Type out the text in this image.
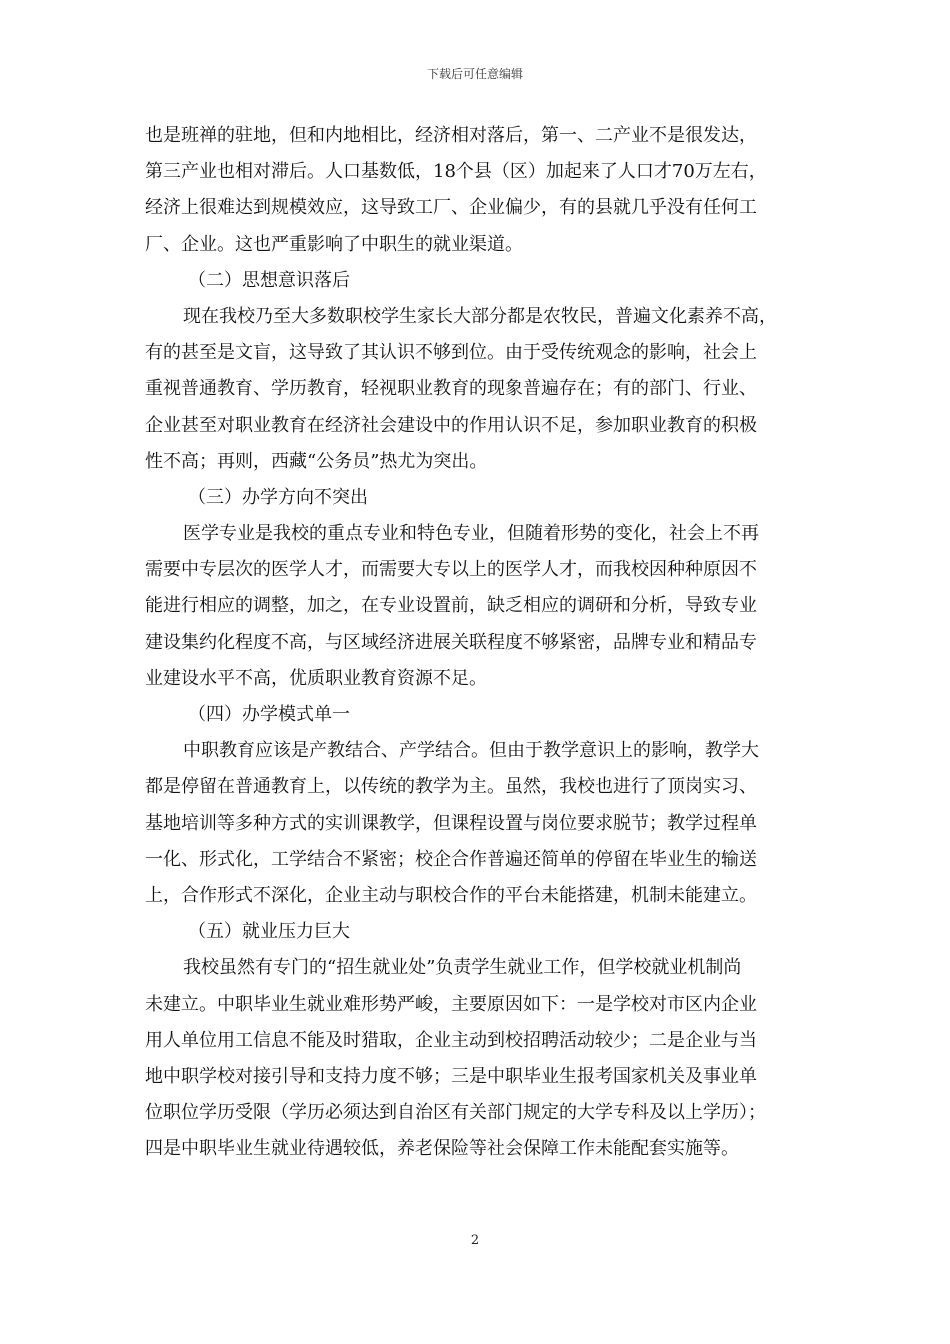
下载后可任意编辑
也是班禅的驻地，但和内地相比，经济相对落后，第一、二产业不是很发达，
第三产业也相对滞后。人口基数低，18个县（区）加起来了人口才70万左右，
经济上很难达到规模效应，这导致工厂、企业偏少，有的县就几乎没有任何工
厂、企业。这也严重影响了中职生的就业渠道。
（二）思想意识落后
现在我校乃至大多数职校学生家长大部分都是农牧民，普遍文化素养不高，
有的甚至是文盲，这导致了其认识不够到位。由于受传统观念的影响，社会上
重视普通教育、学历教育，轻视职业教育的现象普遍存在；有的部门、行业、
企业甚至对职业教育在经济社会建设中的作用认识不足，参加职业教育的积极
性不高；再则，西藏“公务员”热尤为突出。
（三）办学方向不突出
医学专业是我校的重点专业和特色专业，但随着形势的变化，社会上不再
需要中专层次的医学人才，而需要大专以上的医学人才，而我校因种种原因不
能进行相应的调整，加之，在专业设置前，缺乏相应的调研和分析，导致专业
建设集约化程度不高，与区域经济进展关联程度不够紧密，品牌专业和精品专
业建设水平不高，优质职业教育资源不足。
（四）办学模式单一
中职教育应该是产教结合、产学结合。但由于教学意识上的影响，教学大
都是停留在普通教育上，以传统的教学为主。虽然，我校也进行了顶岗实习、
基地培训等多种方式的实训课教学，但课程设置与岗位要求脱节；教学过程单
一化、形式化，工学结合不紧密；校企合作普遍还简单的停留在毕业生的输送
上，合作形式不深化，企业主动与职校合作的平台未能搭建，机制未能建立。
（五）就业压力巨大
我校虽然有专门的“招生就业处”负责学生就业工作，但学校就业机制尚
未建立。中职毕业生就业难形势严峻，主要原因如下：一是学校对市区内企业
用人单位用工信息不能及时猎取，企业主动到校招聘活动较少；二是企业与当
地中职学校对接引导和支持力度不够；三是中职毕业生报考国家机关及事业单
位职位学历受限（学历必须达到自治区有关部门规定的大学专科及以上学历）；
四是中职毕业生就业待遇较低，养老保险等社会保障工作未能配套实施等。
2
